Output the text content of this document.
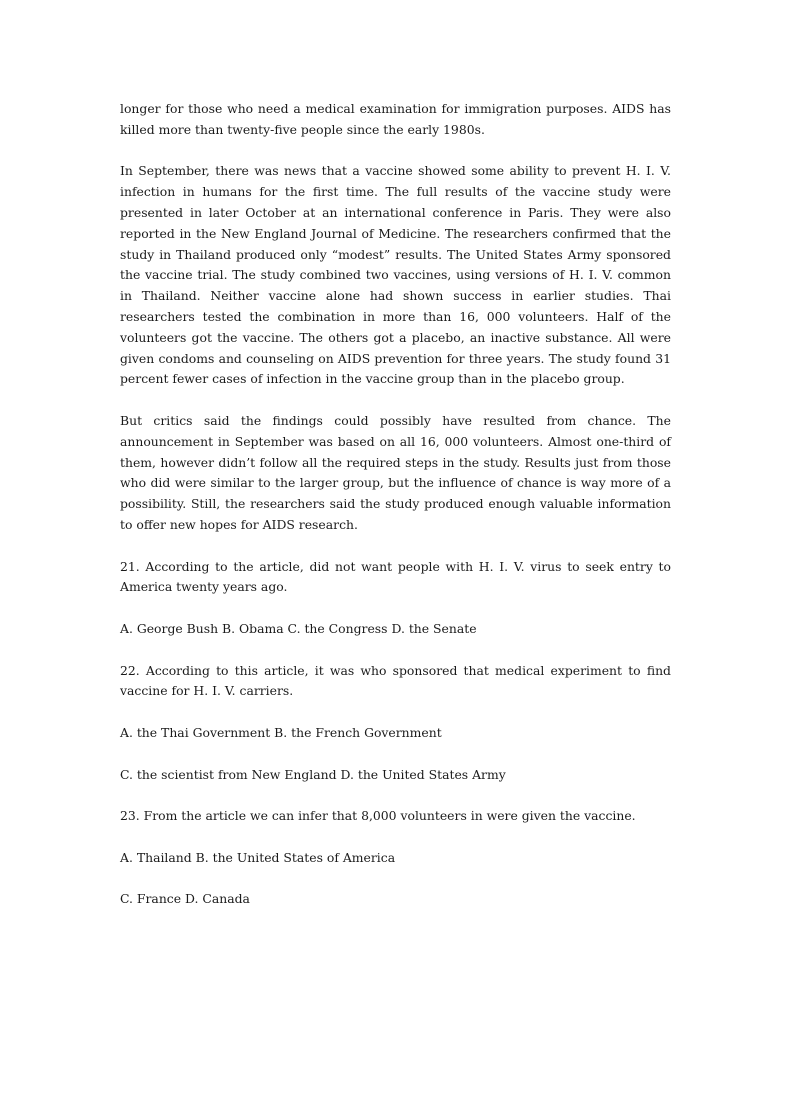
longer for those who need a medical examination for immigration purposes. AIDS has killed more than twenty-five people since the early 1980s.

In September, there was news that a vaccine showed some ability to prevent H. I. V. infection in humans for the first time. The full results of the vaccine study were presented in later October at an international conference in Paris. They were also reported in the New England Journal of Medicine. The researchers confirmed that the study in Thailand produced only “modest” results. The United States Army sponsored the vaccine trial. The study combined two vaccines, using versions of H. I. V. common in Thailand. Neither vaccine alone had shown success in earlier studies. Thai researchers tested the combination in more than 16, 000 volunteers. Half of the volunteers got the vaccine. The others got a placebo, an inactive substance. All were given condoms and counseling on AIDS prevention for three years. The study found 31 percent fewer cases of infection in the vaccine group than in the placebo group.

But critics said the findings could possibly have resulted from chance. The announcement in September was based on all 16, 000 volunteers. Almost one-third of them, however didn’t follow all the required steps in the study. Results just from those who did were similar to the larger group, but the influence of chance is way more of a possibility. Still, the researchers said the study produced enough valuable information to offer new hopes for AIDS research.

21. According to the article, did not want people with H. I. V. virus to seek entry to America twenty years ago.

A. George Bush B. Obama C. the Congress D. the Senate

22. According to this article, it was who sponsored that medical experiment to find vaccine for H. I. V. carriers.

A. the Thai Government B. the French Government

C. the scientist from New England D. the United States Army

23. From the article we can infer that 8,000 volunteers in were given the vaccine.

A. Thailand B. the United States of America

C. France D. Canada
